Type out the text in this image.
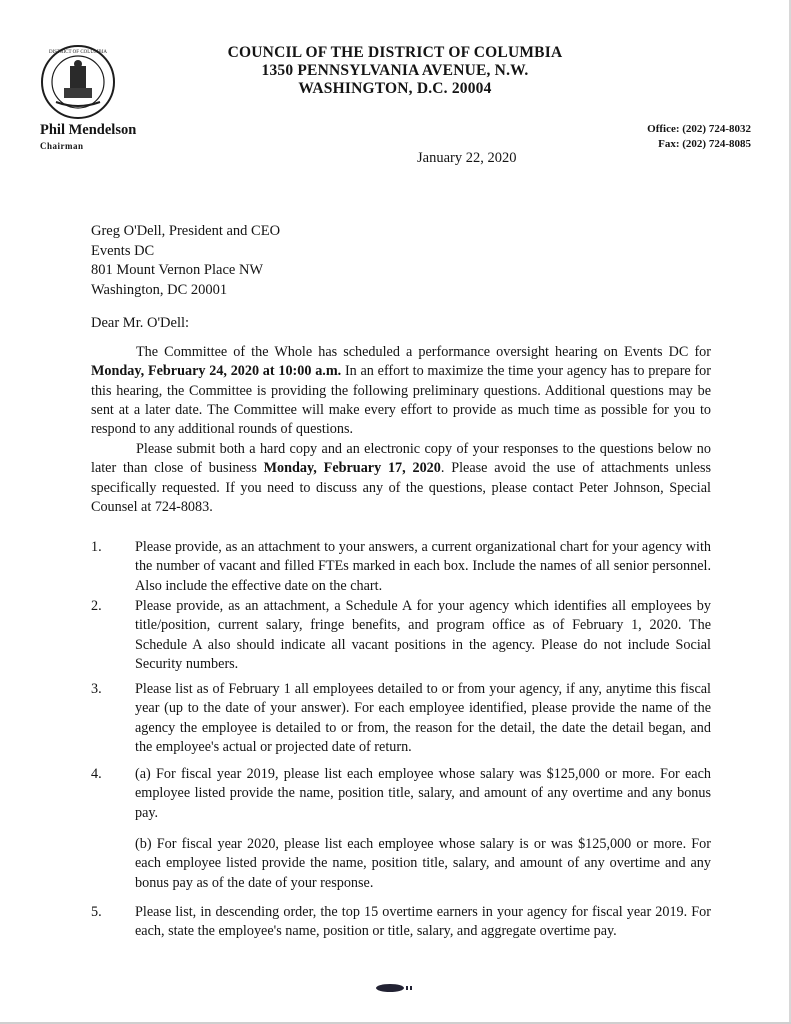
DISTRICT OF COLUMBIA	COUNCIL OF THE DISTRICT OF COLUMBIA
1350 PENNSYLVANIA AVENUE, N.W.
WASHINGTON, D.C. 20004
Phil Mendelson
Chairman
Office: (202) 724-8032
Fax: (202) 724-8085
January 22, 2020
Greg O'Dell, President and CEO
Events DC
801 Mount Vernon Place NW
Washington, DC 20001
Dear Mr. O'Dell:
The Committee of the Whole has scheduled a performance oversight hearing on Events DC for Monday, February 24, 2020 at 10:00 a.m. In an effort to maximize the time your agency has to prepare for this hearing, the Committee is providing the following preliminary questions. Additional questions may be sent at a later date. The Committee will make every effort to provide as much time as possible for you to respond to any additional rounds of questions.
Please submit both a hard copy and an electronic copy of your responses to the questions below no later than close of business Monday, February 17, 2020. Please avoid the use of attachments unless specifically requested. If you need to discuss any of the questions, please contact Peter Johnson, Special Counsel at 724-8083.
1. Please provide, as an attachment to your answers, a current organizational chart for your agency with the number of vacant and filled FTEs marked in each box. Include the names of all senior personnel. Also include the effective date on the chart.
2. Please provide, as an attachment, a Schedule A for your agency which identifies all employees by title/position, current salary, fringe benefits, and program office as of February 1, 2020. The Schedule A also should indicate all vacant positions in the agency. Please do not include Social Security numbers.
3. Please list as of February 1 all employees detailed to or from your agency, if any, anytime this fiscal year (up to the date of your answer). For each employee identified, please provide the name of the agency the employee is detailed to or from, the reason for the detail, the date the detail began, and the employee's actual or projected date of return.
4. (a) For fiscal year 2019, please list each employee whose salary was $125,000 or more. For each employee listed provide the name, position title, salary, and amount of any overtime and any bonus pay.
(b) For fiscal year 2020, please list each employee whose salary is or was $125,000 or more. For each employee listed provide the name, position title, salary, and amount of any overtime and any bonus pay as of the date of your response.
5. Please list, in descending order, the top 15 overtime earners in your agency for fiscal year 2019. For each, state the employee's name, position or title, salary, and aggregate overtime pay.
